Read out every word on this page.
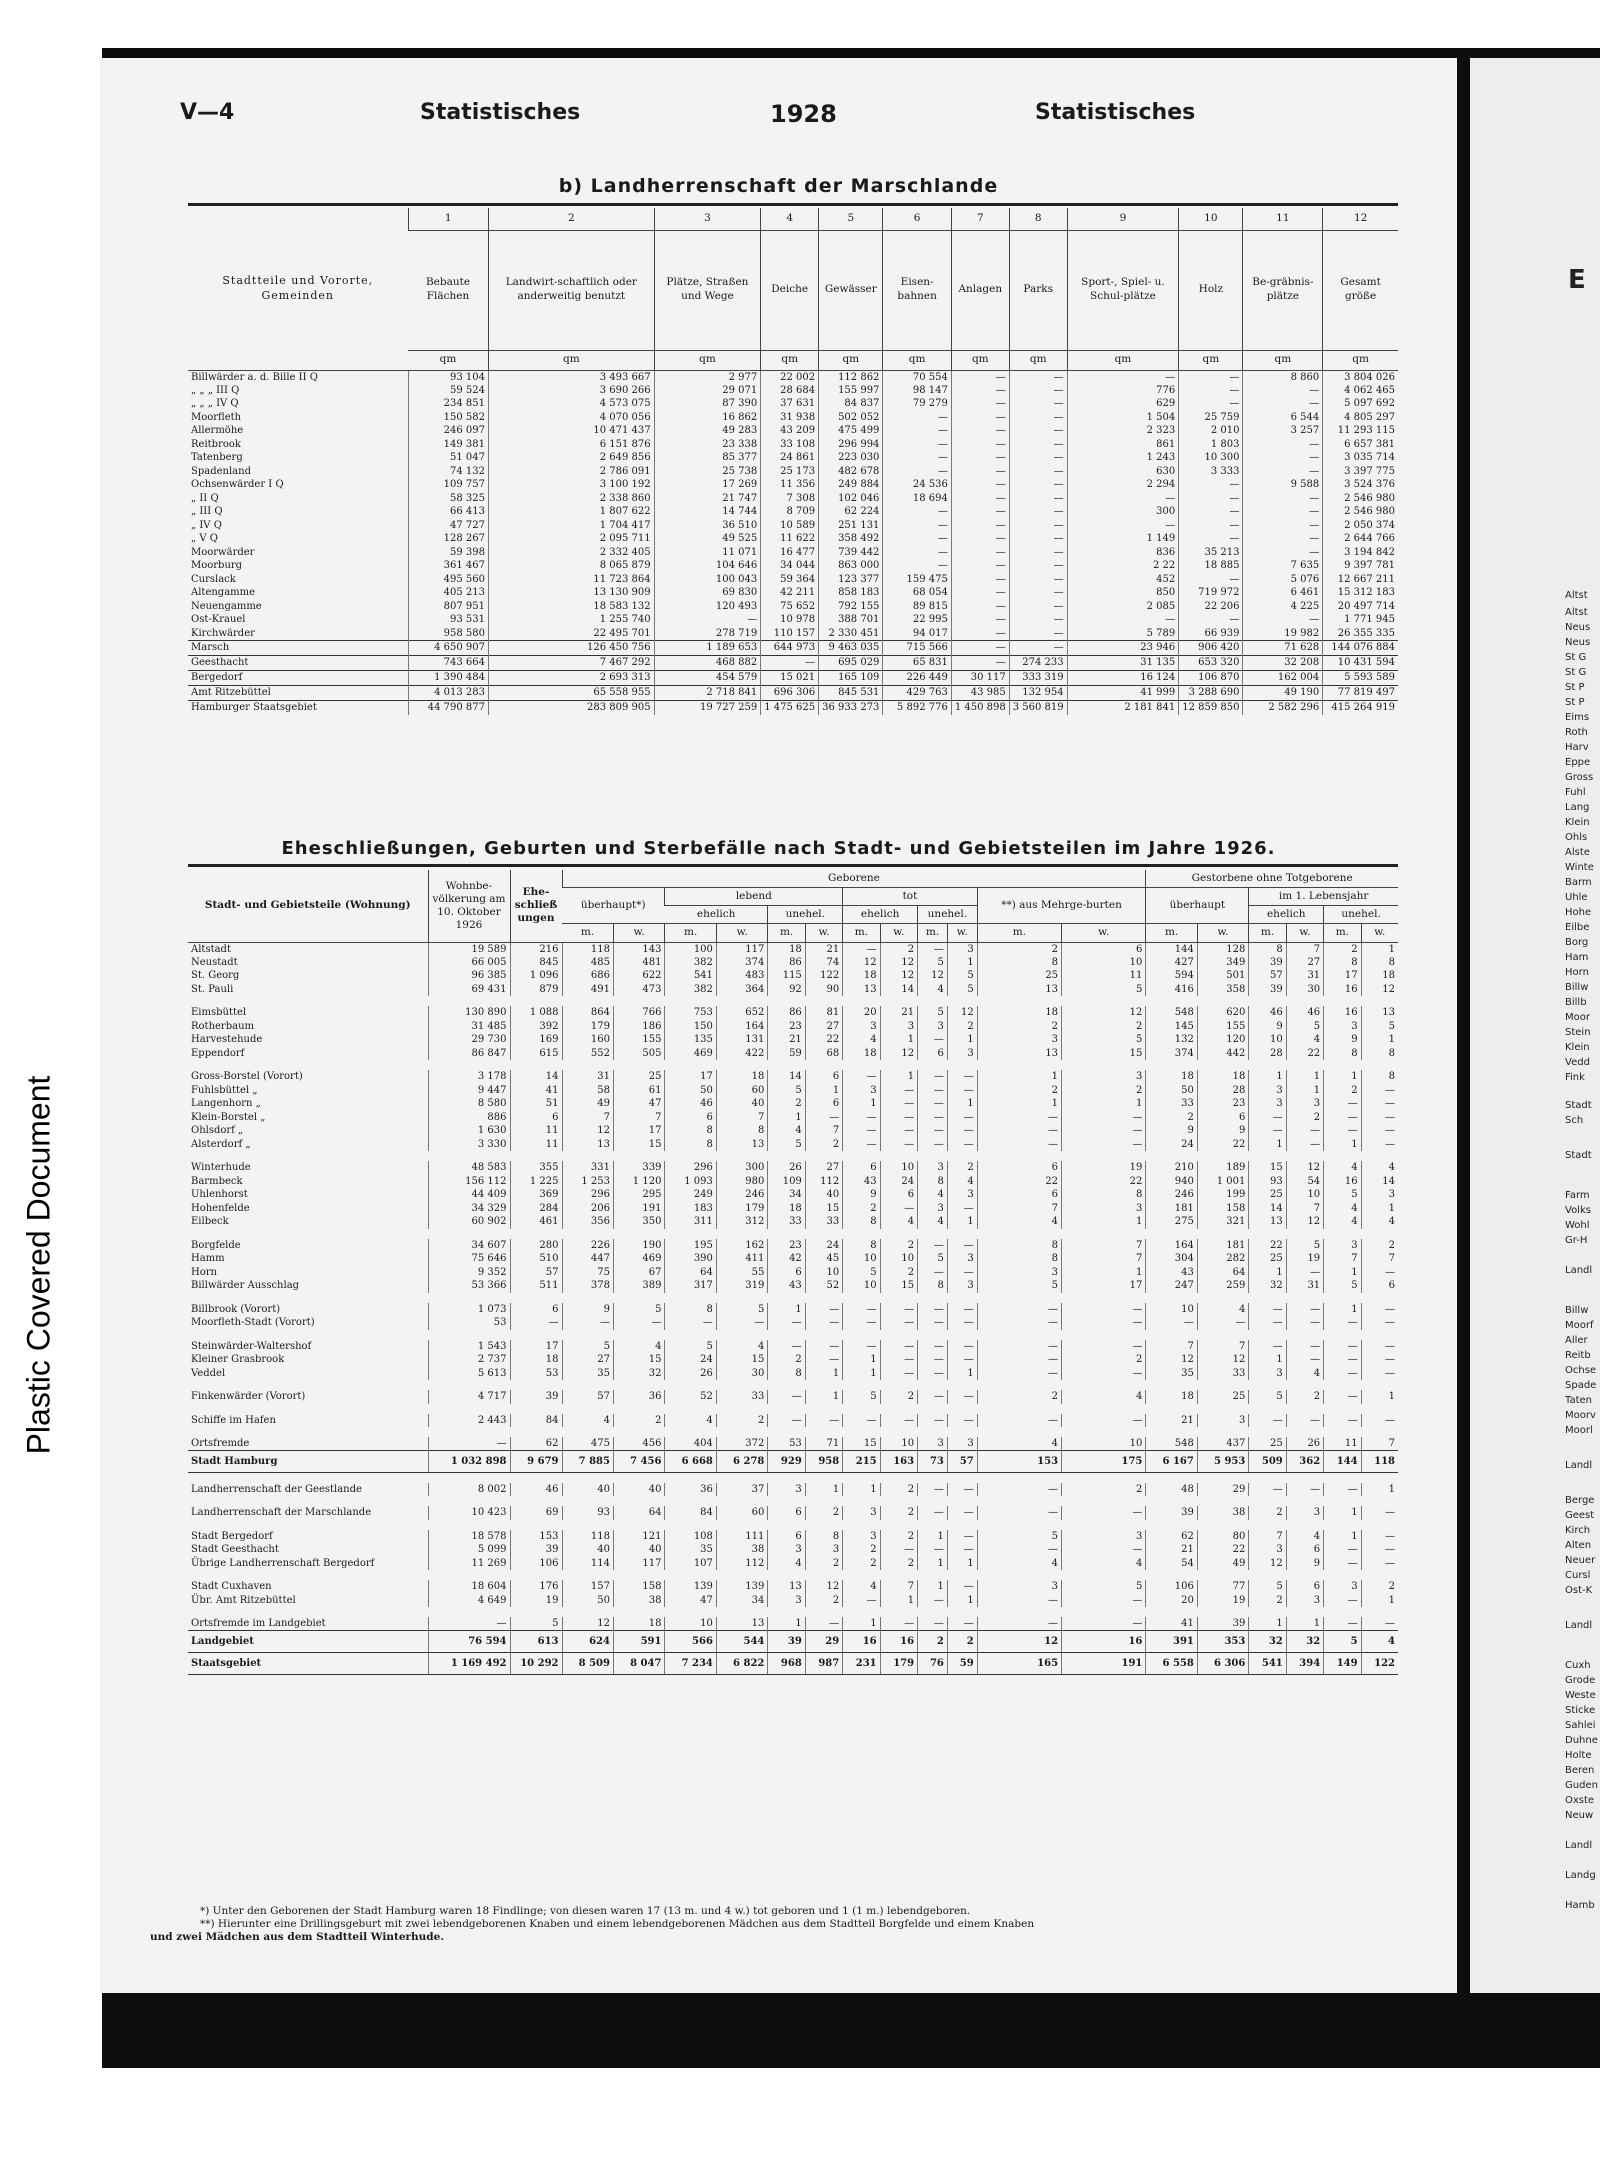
Plastic Covered Document
V—4	Statistisches	1928	Statistisches
b) Landherrenschaft der Marschlande
Stadtteile und Vororte, Gemeinden	1	2	3	4	5	6	7	8	9	10	11	12
	Bebaute Flächen	Landwirt-schaftlich oder anderweitig benutzt	Plätze, Straßen und Wege	Deiche	Gewässer	Eisen-bahnen	Anlagen	Parks	Sport-, Spiel- u. Schul-plätze	Holz	Be-gräbnis-plätze	Gesamt größe
	qm	qm	qm	qm	qm	qm	qm	qm	qm	qm	qm	qm
Billwärder a. d. Bille II Q	93 104	3 493 667	2 977	22 002	112 862	70 554	—	—	—	—	8 860	3 804 026
„ „ „ III Q	59 524	3 690 266	29 071	28 684	155 997	98 147	—	—	776	—	—	4 062 465
„ „ „ IV Q	234 851	4 573 075	87 390	37 631	84 837	79 279	—	—	629	—	—	5 097 692
Moorfleth	150 582	4 070 056	16 862	31 938	502 052	—	—	—	1 504	25 759	6 544	4 805 297
Allermöhe	246 097	10 471 437	49 283	43 209	475 499	—	—	—	2 323	2 010	3 257	11 293 115
Reitbrook	149 381	6 151 876	23 338	33 108	296 994	—	—	—	861	1 803	—	6 657 381
Tatenberg	51 047	2 649 856	85 377	24 861	223 030	—	—	—	1 243	10 300	—	3 035 714
Spadenland	74 132	2 786 091	25 738	25 173	482 678	—	—	—	630	3 333	—	3 397 775
Ochsenwärder I Q	109 757	3 100 192	17 269	11 356	249 884	24 536	—	—	2 294	—	9 588	3 524 376
„ II Q	58 325	2 338 860	21 747	7 308	102 046	18 694	—	—	—	—	—	2 546 980
„ III Q	66 413	1 807 622	14 744	8 709	62 224	—	—	—	300	—	—	2 546 980
„ IV Q	47 727	1 704 417	36 510	10 589	251 131	—	—	—	—	—	—	2 050 374
„ V Q	128 267	2 095 711	49 525	11 622	358 492	—	—	—	1 149	—	—	2 644 766
Moorwärder	59 398	2 332 405	11 071	16 477	739 442	—	—	—	836	35 213	—	3 194 842
Moorburg	361 467	8 065 879	104 646	34 044	863 000	—	—	—	2 22	18 885	7 635	9 397 781
Curslack	495 560	11 723 864	100 043	59 364	123 377	159 475	—	—	452	—	5 076	12 667 211
Altengamme	405 213	13 130 909	69 830	42 211	858 183	68 054	—	—	850	719 972	6 461	15 312 183
Neuengamme	807 951	18 583 132	120 493	75 652	792 155	89 815	—	—	2 085	22 206	4 225	20 497 714
Ost-Krauel	93 531	1 255 740	—	10 978	388 701	22 995	—	—	—	—	—	1 771 945
Kirchwärder	958 580	22 495 701	278 719	110 157	2 330 451	94 017	—	—	5 789	66 939	19 982	26 355 335
Marsch	4 650 907	126 450 756	1 189 653	644 973	9 463 035	715 566	—	—	23 946	906 420	71 628	144 076 884
Geesthacht	743 664	7 467 292	468 882	—	695 029	65 831	—	274 233	31 135	653 320	32 208	10 431 594
Bergedorf	1 390 484	2 693 313	454 579	15 021	165 109	226 449	30 117	333 319	16 124	106 870	162 004	5 593 589
Amt Ritzebüttel	4 013 283	65 558 955	2 718 841	696 306	845 531	429 763	43 985	132 954	41 999	3 288 690	49 190	77 819 497
Hamburger Staatsgebiet	44 790 877	283 809 905	19 727 259	1 475 625	36 933 273	5 892 776	1 450 898	3 560 819	2 181 841	12 859 850	2 582 296	415 264 919
Eheschließungen, Geburten und Sterbefälle nach Stadt- und Gebietsteilen im Jahre 1926.
Stadt- und Gebietsteile (Wohnung)	Wohnbe-völkerung am 10. Oktober 1926	Ehe-schließ ungen	Geborene												Gestorbene ohne Totgeborene					
			überhaupt*)		lebend				tot				**) aus Mehrge-burten		überhaupt		im 1. Lebensjahr			
					ehelich		unehel.		ehelich		unehel.						ehelich		unehel.	
			m.	w.	m.	w.	m.	w.	m.	w.	m.	w.	m.	w.	m.	w.	m.	w.	m.	w.
Altstadt	19 589	216	118	143	100	117	18	21	—	2	—	3	2	6	144	128	8	7	2	1
Neustadt	66 005	845	485	481	382	374	86	74	12	12	5	1	8	10	427	349	39	27	8	8
St. Georg	96 385	1 096	686	622	541	483	115	122	18	12	12	5	25	11	594	501	57	31	17	18
St. Pauli	69 431	879	491	473	382	364	92	90	13	14	4	5	13	5	416	358	39	30	16	12

Eimsbüttel	130 890	1 088	864	766	753	652	86	81	20	21	5	12	18	12	548	620	46	46	16	13
Rotherbaum	31 485	392	179	186	150	164	23	27	3	3	3	2	2	2	145	155	9	5	3	5
Harvestehude	29 730	169	160	155	135	131	21	22	4	1	—	1	3	5	132	120	10	4	9	1
Eppendorf	86 847	615	552	505	469	422	59	68	18	12	6	3	13	15	374	442	28	22	8	8

Gross-Borstel (Vorort)	3 178	14	31	25	17	18	14	6	—	1	—	—	1	3	18	18	1	1	1	8
Fuhlsbüttel „	9 447	41	58	61	50	60	5	1	3	—	—	—	2	2	50	28	3	1	2	—
Langenhorn „	8 580	51	49	47	46	40	2	6	1	—	—	1	1	1	33	23	3	3	—	—
Klein-Borstel „	886	6	7	7	6	7	1	—	—	—	—	—	—	—	2	6	—	2	—	—
Ohlsdorf „	1 630	11	12	17	8	8	4	7	—	—	—	—	—	—	9	9	—	—	—	—
Alsterdorf „	3 330	11	13	15	8	13	5	2	—	—	—	—	—	—	24	22	1	—	1	—

Winterhude	48 583	355	331	339	296	300	26	27	6	10	3	2	6	19	210	189	15	12	4	4
Barmbeck	156 112	1 225	1 253	1 120	1 093	980	109	112	43	24	8	4	22	22	940	1 001	93	54	16	14
Uhlenhorst	44 409	369	296	295	249	246	34	40	9	6	4	3	6	8	246	199	25	10	5	3
Hohenfelde	34 329	284	206	191	183	179	18	15	2	—	3	—	7	3	181	158	14	7	4	1
Eilbeck	60 902	461	356	350	311	312	33	33	8	4	4	1	4	1	275	321	13	12	4	4

Borgfelde	34 607	280	226	190	195	162	23	24	8	2	—	—	8	7	164	181	22	5	3	2
Hamm	75 646	510	447	469	390	411	42	45	10	10	5	3	8	7	304	282	25	19	7	7
Horn	9 352	57	75	67	64	55	6	10	5	2	—	—	3	1	43	64	1	—	1	—
Billwärder Ausschlag	53 366	511	378	389	317	319	43	52	10	15	8	3	5	17	247	259	32	31	5	6

Billbrook (Vorort)	1 073	6	9	5	8	5	1	—	—	—	—	—	—	—	10	4	—	—	1	—
Moorfleth-Stadt (Vorort)	53	—	—	—	—	—	—	—	—	—	—	—	—	—	—	—	—	—	—	—

Steinwärder-Waltershof	1 543	17	5	4	5	4	—	—	—	—	—	—	—	—	7	7	—	—	—	—
Kleiner Grasbrook	2 737	18	27	15	24	15	2	—	1	—	—	—	—	2	12	12	1	—	—	—
Veddel	5 613	53	35	32	26	30	8	1	1	—	—	1	—	—	35	33	3	4	—	—

Finkenwärder (Vorort)	4 717	39	57	36	52	33	—	1	5	2	—	—	2	4	18	25	5	2	—	1

Schiffe im Hafen	2 443	84	4	2	4	2	—	—	—	—	—	—	—	—	21	3	—	—	—	—

Ortsfremde	—	62	475	456	404	372	53	71	15	10	3	3	4	10	548	437	25	26	11	7
Stadt Hamburg	1 032 898	9 679	7 885	7 456	6 668	6 278	929	958	215	163	73	57	153	175	6 167	5 953	509	362	144	118

Landherrenschaft der Geestlande	8 002	46	40	40	36	37	3	1	1	2	—	—	—	2	48	29	—	—	—	1

Landherrenschaft der Marschlande	10 423	69	93	64	84	60	6	2	3	2	—	—	—	—	39	38	2	3	1	—

Stadt Bergedorf	18 578	153	118	121	108	111	6	8	3	2	1	—	5	3	62	80	7	4	1	—
Stadt Geesthacht	5 099	39	40	40	35	38	3	3	2	—	—	—	—	—	21	22	3	6	—	—
Übrige Landherrenschaft Bergedorf	11 269	106	114	117	107	112	4	2	2	2	1	1	4	4	54	49	12	9	—	—

Stadt Cuxhaven	18 604	176	157	158	139	139	13	12	4	7	1	—	3	5	106	77	5	6	3	2
Übr. Amt Ritzebüttel	4 649	19	50	38	47	34	3	2	—	1	—	1	—	—	20	19	2	3	—	1

Ortsfremde im Landgebiet	—	5	12	18	10	13	1	—	1	—	—	—	—	—	41	39	1	1	—	—
Landgebiet	76 594	613	624	591	566	544	39	29	16	16	2	2	12	16	391	353	32	32	5	4
Staatsgebiet	1 169 492	10 292	8 509	8 047	7 234	6 822	968	987	231	179	76	59	165	191	6 558	6 306	541	394	149	122
*) Unter den Geborenen der Stadt Hamburg waren 18 Findlinge; von diesen waren 17 (13 m. und 4 w.) tot geboren und 1 (1 m.) lebendgeboren.
**) Hierunter eine Drillingsgeburt mit zwei lebendgeborenen Knaben und einem lebendgeborenen Mädchen aus dem Stadtteil Borgfelde und einem Knaben
und zwei Mädchen aus dem Stadtteil Winterhude.
E
Altst
Altst
Neus
Neus
St G
St G
St P
St P
Eims
Roth
Harv
Eppe
Gross
Fuhl
Lang
Klein
Ohls
Alste
Winte
Barm
Uhle
Hohe
Eilbe
Borg
Ham
Horn
Billw
Billb
Moor
Stein
Klein
Vedd
Fink
Stadt
Sch
Stadt
Farm
Volks
Wohl
Gr-H
Landl
Billw
Moorf
Aller
Reitb
Ochse
Spade
Taten
Moorv
Moorl
Landl
Berge
Geest
Kirch
Alten
Neuer
Cursl
Ost-K
Landl
Cuxh
Grode
Weste
Sticke
Sahlei
Duhne
Holte
Beren
Guden
Oxste
Neuw
Landl
Landg
Hamb
